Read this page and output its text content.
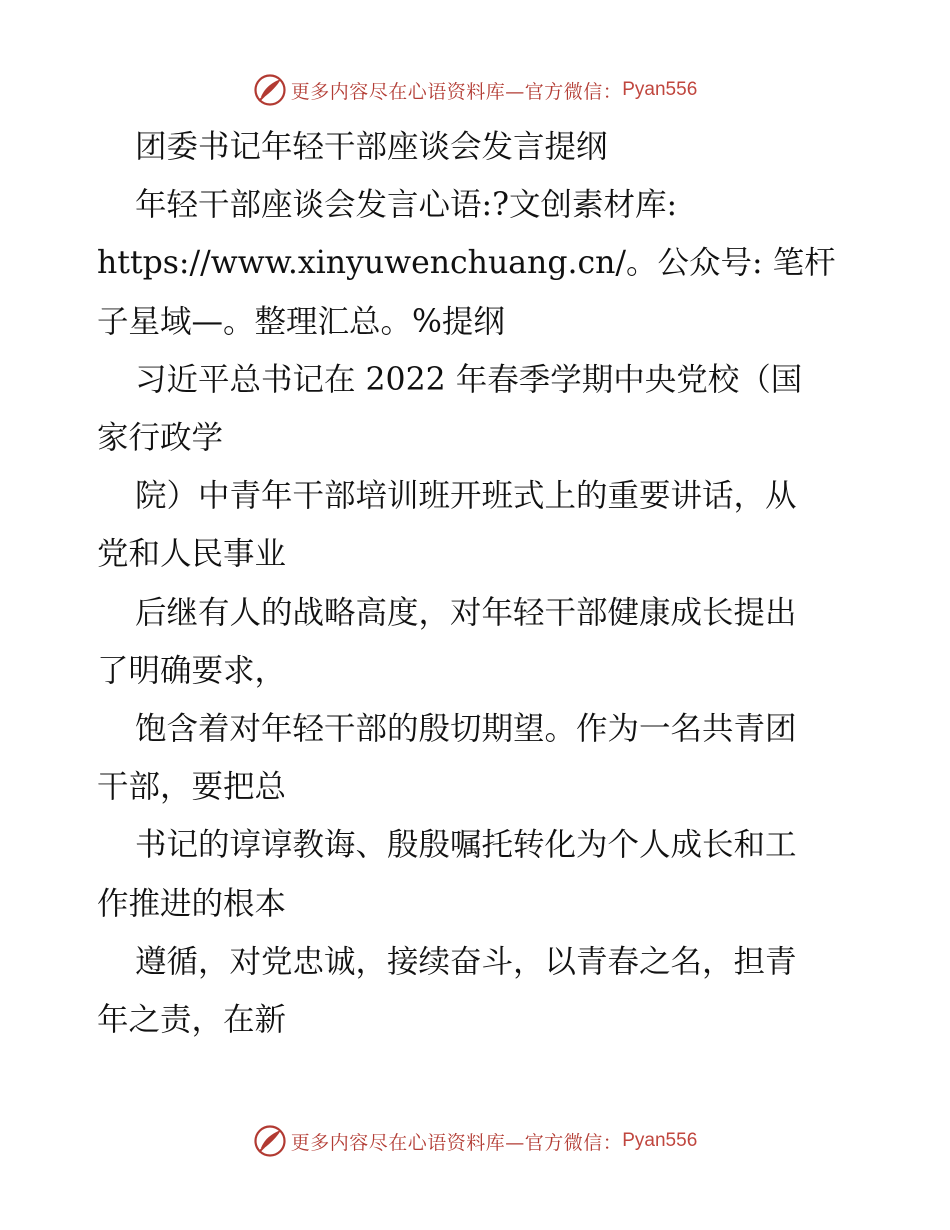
更多内容尽在心语资料库—官方微信： Pyan556

团委书记年轻干部座谈会发言提纲

年轻干部座谈会发言心语:?文创素材库:

https://www.xinyuwenchuang.cn/。公众号: 笔杆

子星域—。整理汇总。%提纲

习近平总书记在 2022 年春季学期中央党校（国

家行政学

院）中青年干部培训班开班式上的重要讲话，从

党和人民事业

后继有人的战略高度，对年轻干部健康成长提出

了明确要求，

饱含着对年轻干部的殷切期望。作为一名共青团

干部，要把总

书记的谆谆教诲、殷殷嘱托转化为个人成长和工

作推进的根本

遵循，对党忠诚，接续奋斗，以青春之名，担青

年之责，在新

更多内容尽在心语资料库—官方微信： Pyan556
